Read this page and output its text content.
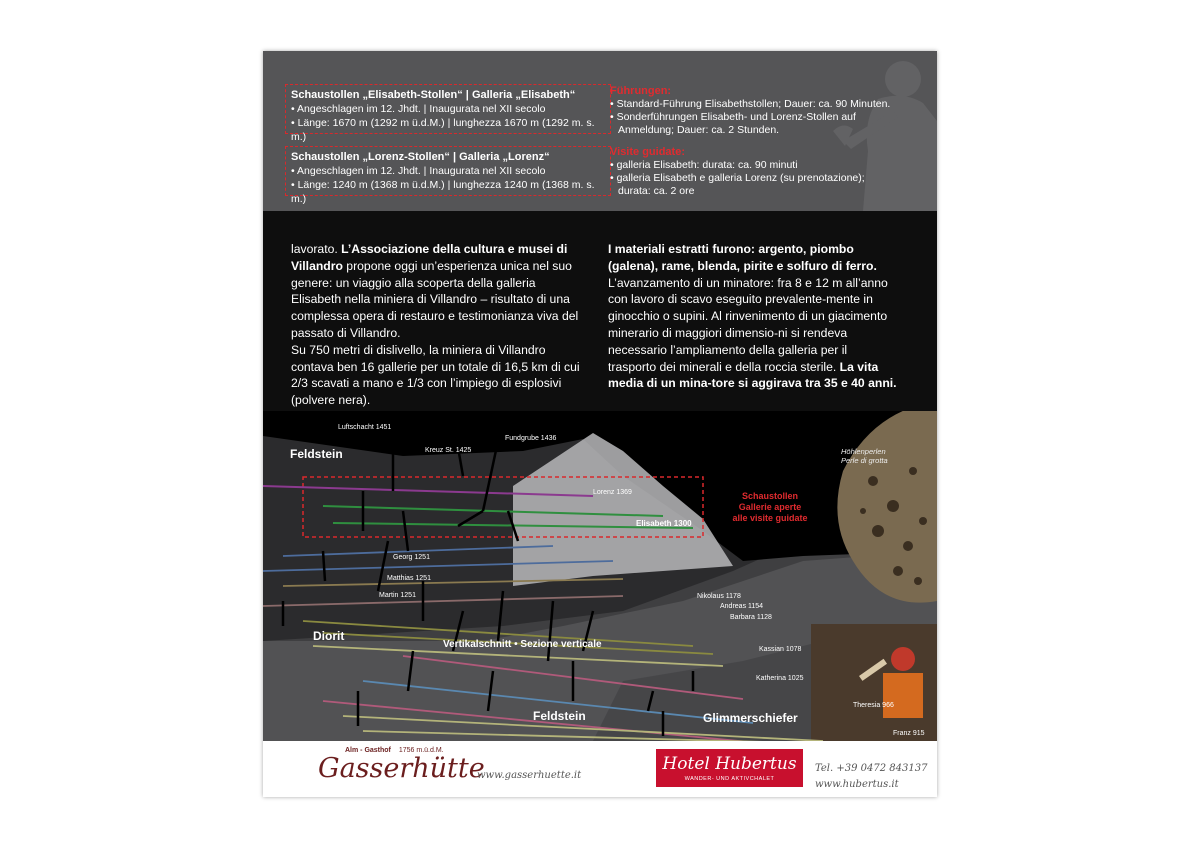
Schaustollen „Elisabeth-Stollen“ | Galleria „Elisabeth“
• Angeschlagen im 12. Jhdt. | Inaugurata nel XII secolo
• Länge: 1670 m (1292 m ü.d.M.) | lunghezza 1670 m (1292 m. s. m.)
Schaustollen „Lorenz-Stollen“ | Galleria „Lorenz“
• Angeschlagen im 12. Jhdt. | Inaugurata nel XII secolo
• Länge: 1240 m (1368 m ü.d.M.) | lunghezza 1240 m (1368 m. s. m.)
Führungen:
• Standard-Führung Elisabethstollen; Dauer: ca. 90 Minuten.
• Sonderführungen Elisabeth- und Lorenz-Stollen auf
Anmeldung; Dauer: ca. 2 Stunden.
Visite guidate:
• galleria Elisabeth: durata: ca. 90 minuti
• galleria Elisabeth e galleria Lorenz (su prenotazione);
durata: ca. 2 ore
lavorato. L’Associazione della cultura e musei di Villandro propone oggi un’esperienza unica nel suo genere: un viaggio alla scoperta della galleria Elisabeth nella miniera di Villandro – risultato di una complessa opera di restauro e testimonianza viva del passato di Villandro.
Su 750 metri di dislivello, la miniera di Villandro contava ben 16 gallerie per un totale di 16,5 km di cui 2/3 scavati a mano e 1/3 con l’impiego di esplosivi (polvere nera).
I materiali estratti furono: argento, piombo (galena), rame, blenda, pirite e solfuro di ferro. L’avanzamento di un minatore: fra 8 e 12 m all’anno con lavoro di scavo eseguito prevalente-mente in ginocchio o supini. Al rinvenimento di un giacimento minerario di maggiori dimensio-ni si rendeva necessario l’ampliamento della galleria per il trasporto dei minerali e della roccia sterile. La vita media di un mina-tore si aggirava tra 35 e 40 anni.
Feldstein
Diorit
Feldstein	Glimmerschiefer
Vertikalschnitt • Sezione verticale
Luftschacht 1451
Kreuz St. 1425
Fundgrube 1436
Lorenz 1369
Elisabeth 1300
Georg 1251
Matthias 1251
Martin 1251	Nikolaus 1178
Andreas 1154
Barbara 1128
Kassian 1078
Katherina 1025
Theresia 966
Franz 915
Schaustollen
Gallerie aperte
alle visite guidate
Höhlenperlen
Perle di grotta
Alm - Gasthof 1756 m.ü.d.M.
Gasserhütte
www.gasserhuette.it
Hotel Hubertus
WANDER- UND AKTIVCHALET
Tel. +39 0472 843137
www.hubertus.it
